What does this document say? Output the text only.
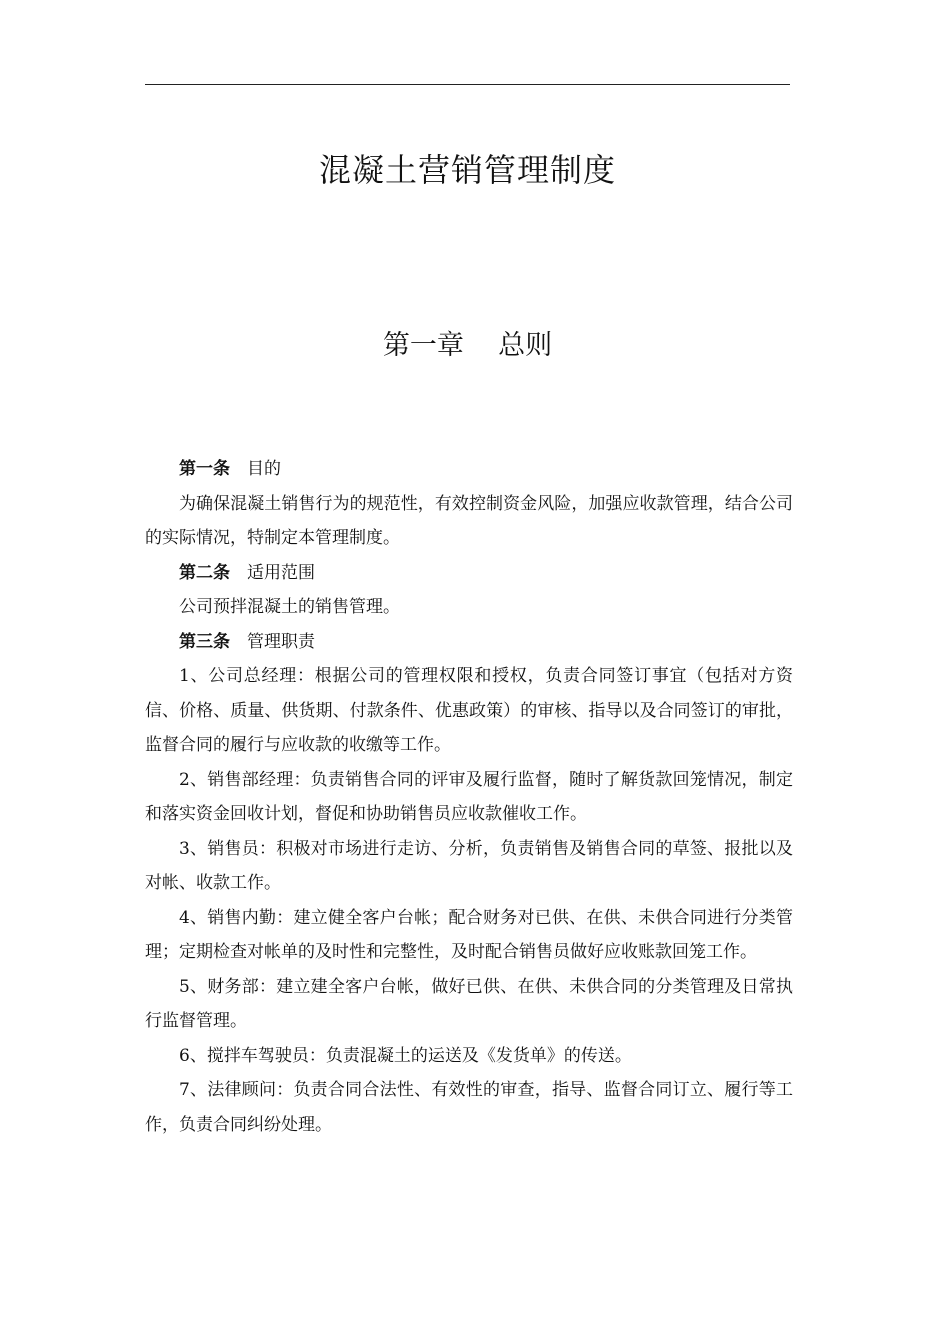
混凝土营销管理制度
第一章    总则

第一条 目的

为确保混凝土销售行为的规范性，有效控制资金风险，加强应收款管理，结合公司的实际情况，特制定本管理制度。

第二条 适用范围

公司预拌混凝土的销售管理。

第三条 管理职责

1、公司总经理：根据公司的管理权限和授权，负责合同签订事宜（包括对方资信、价格、质量、供货期、付款条件、优惠政策）的审核、指导以及合同签订的审批，监督合同的履行与应收款的收缴等工作。

2、销售部经理：负责销售合同的评审及履行监督，随时了解货款回笼情况，制定和落实资金回收计划，督促和协助销售员应收款催收工作。

3、销售员：积极对市场进行走访、分析，负责销售及销售合同的草签、报批以及对帐、收款工作。

4、销售内勤：建立健全客户台帐；配合财务对已供、在供、未供合同进行分类管理；定期检查对帐单的及时性和完整性，及时配合销售员做好应收账款回笼工作。

5、财务部：建立建全客户台帐，做好已供、在供、未供合同的分类管理及日常执行监督管理。

6、搅拌车驾驶员：负责混凝土的运送及《发货单》的传送。

7、法律顾问：负责合同合法性、有效性的审查，指导、监督合同订立、履行等工作，负责合同纠纷处理。
